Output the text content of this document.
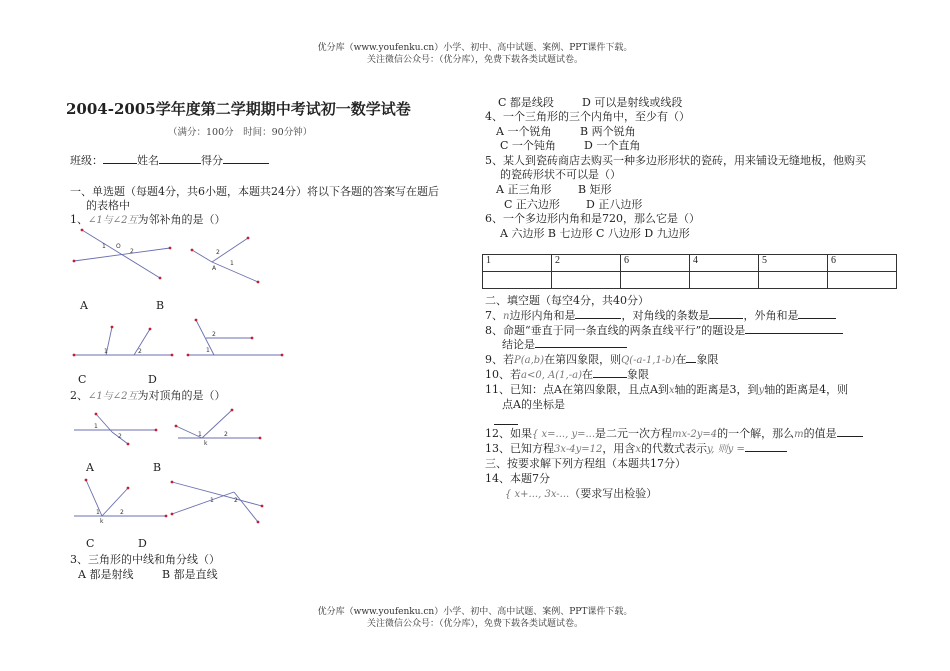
优分库（www.youfenku.cn）小学、初中、高中试题、案例、PPT课件下载。
关注微信公众号：（优分库），免费下载各类试题试卷。
2004-2005学年度第二学期期中考试初一数学试卷
（满分：100分　时间：90分钟）
班级：	姓名	得分
一、单选题（每题4分，共6小题，本题共24分）将以下各题的答案写在题后
的表格中
1、∠1与∠2互为邻补角的是（）
1 O
2	2
1
A
A	B
1	2
2
1
C	D
2、∠1与∠2互为对顶角的是（）
1
2	1	2
k
A	B
1	2
k
1	2
C	D
3、三角形的中线和角分线（）
A 都是射线	B 都是直线
C 都是线段	D 可以是射线或线段
4、一个三角形的三个内角中，至少有（）
A 一个锐角	B 两个锐角
C 一个钝角	D 一个直角
5、某人到瓷砖商店去购买一种多边形形状的瓷砖，用来铺设无缝地板，他购买
的瓷砖形状不可以是（）
A 正三角形 B 矩形
C 正六边形 D 正八边形
6、一个多边形内角和是720，那么它是（）
A 六边形 B 七边形 C 八边形 D 九边形
1	2	6	4	5	6

二、填空题（每空4分，共40分）
7、n边形内角和是	，对角线的条数是	，外角和是
8、命题“垂直于同一条直线的两条直线平行”的题设是
结论是
9、若P(a,b)在第四象限，则Q(-a-1,1-b)在 象限
10、若a<0, A(1,-a)在	象限
11、已知：点A在第四象限，且点A到x轴的距离是3，到y轴的距离是4，则
点A的坐标是
12、如果{ x=..., y=...是二元一次方程mx-2y=4的一个解，那么m的值是
13、已知方程3x-4y=12，用含x的代数式表示y, 则y =
三、按要求解下列方程组（本题共17分）
14、本题7分
{ x+..., 3x-...（要求写出检验）
优分库（www.youfenku.cn）小学、初中、高中试题、案例、PPT课件下载。
关注微信公众号：（优分库），免费下载各类试题试卷。
